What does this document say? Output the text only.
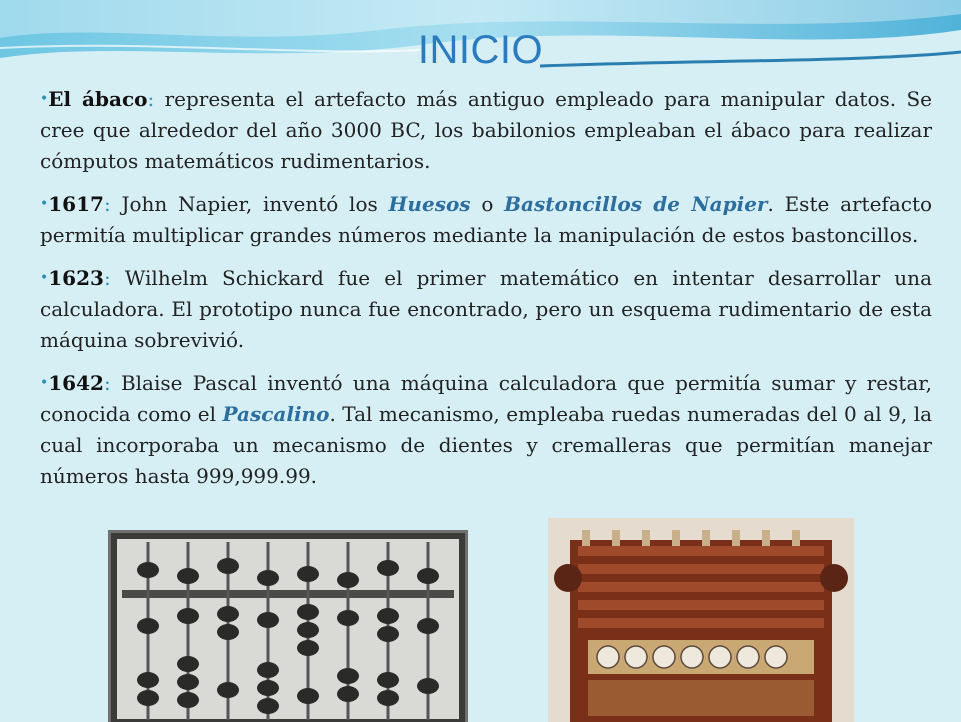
INICIO

•El ábaco: representa el artefacto más antiguo empleado para manipular datos. Se cree que alrededor del año 3000 BC, los babilonios empleaban el ábaco para realizar cómputos matemáticos rudimentarios.

•1617: John Napier, inventó los Huesos o Bastoncillos de Napier. Este artefacto permitía multiplicar grandes números mediante la manipulación de estos bastoncillos.

•1623: Wilhelm Schickard fue el primer matemático en intentar desarrollar una calculadora. El prototipo nunca fue encontrado, pero un esquema rudimentario de esta máquina sobrevivió.

•1642: Blaise Pascal inventó una máquina calculadora que permitía sumar y restar, conocida como el Pascalino. Tal mecanismo, empleaba ruedas numeradas del 0 al 9, la cual incorporaba un mecanismo de dientes y cremalleras que permitían manejar números hasta 999,999.99.
